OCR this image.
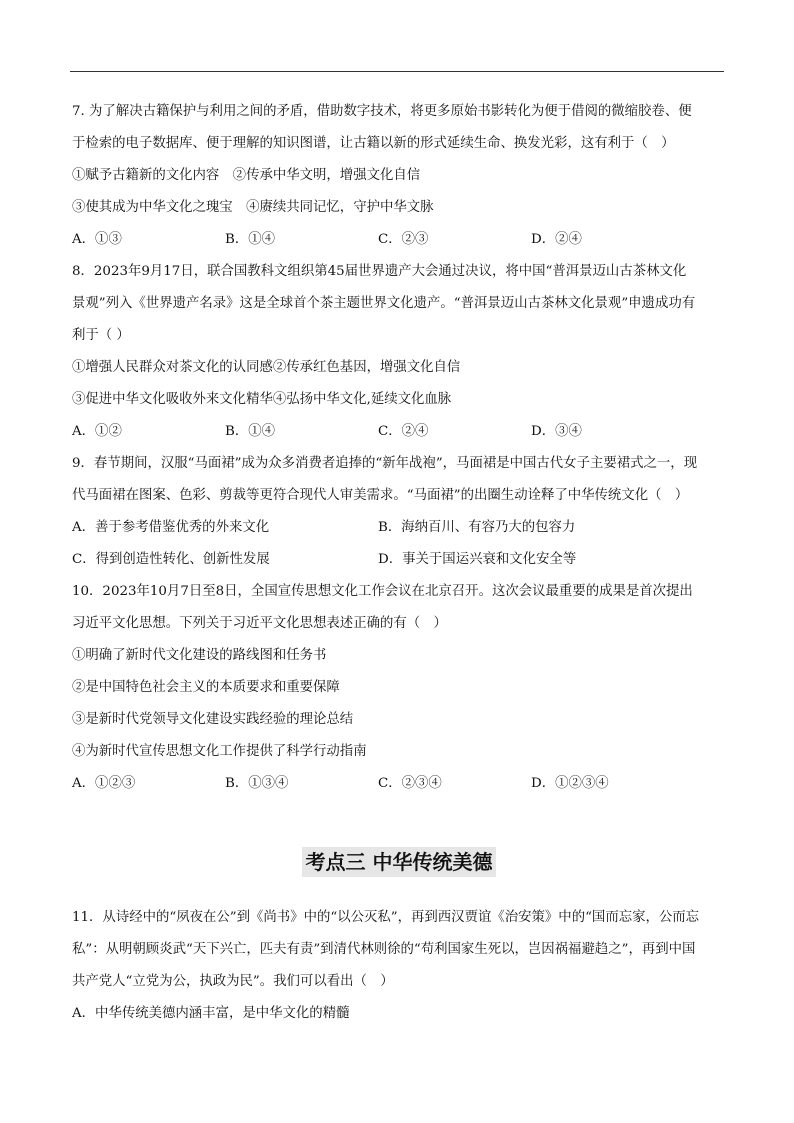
7. 为了解决古籍保护与利用之间的矛盾，借助数字技术，将更多原始书影转化为便于借阅的微缩胶卷、便
于检索的电子数据库、便于理解的知识图谱，让古籍以新的形式延续生命、换发光彩，这有利于（　）
①赋予古籍新的文化内容　②传承中华文明，增强文化自信
③使其成为中华文化之瑰宝　④赓续共同记忆，守护中华文脉
A．①③	B．①④	C．②③	D．②④
8．2023年9月17日，联合国教科文组织第45届世界遗产大会通过决议，将中国“普洱景迈山古茶林文化
景观”列入《世界遗产名录》这是全球首个茶主题世界文化遗产。“普洱景迈山古茶林文化景观”申遗成功有
利于（ ）
①增强人民群众对茶文化的认同感②传承红色基因，增强文化自信
③促进中华文化吸收外来文化精华④弘扬中华文化,延续文化血脉
A．①②	B．①④	C．②④	D．③④
9．春节期间，汉服“马面裙”成为众多消费者追捧的“新年战袍”，马面裙是中国古代女子主要裙式之一，现
代马面裙在图案、色彩、剪裁等更符合现代人审美需求。“马面裙”的出圈生动诠释了中华传统文化（　）
A．善于参考借鉴优秀的外来文化	B．海纳百川、有容乃大的包容力
C．得到创造性转化、创新性发展	D．事关于国运兴衰和文化安全等
10．2023年10月7日至8日，全国宣传思想文化工作会议在北京召开。这次会议最重要的成果是首次提出
习近平文化思想。下列关于习近平文化思想表述正确的有（　）
①明确了新时代文化建设的路线图和任务书
②是中国特色社会主义的本质要求和重要保障
③是新时代党领导文化建设实践经验的理论总结
④为新时代宣传思想文化工作提供了科学行动指南
A．①②③	B．①③④	C．②③④	D．①②③④
考点三 中华传统美德
11．从诗经中的“夙夜在公”到《尚书》中的“以公灭私”，再到西汉贾谊《治安策》中的“国而忘家，公而忘
私”：从明朝顾炎武“天下兴亡，匹夫有责”到清代林则徐的“苟利国家生死以，岂因祸福避趋之”，再到中国
共产党人“立党为公，执政为民”。我们可以看出（　）
A．中华传统美德内涵丰富，是中华文化的精髓
